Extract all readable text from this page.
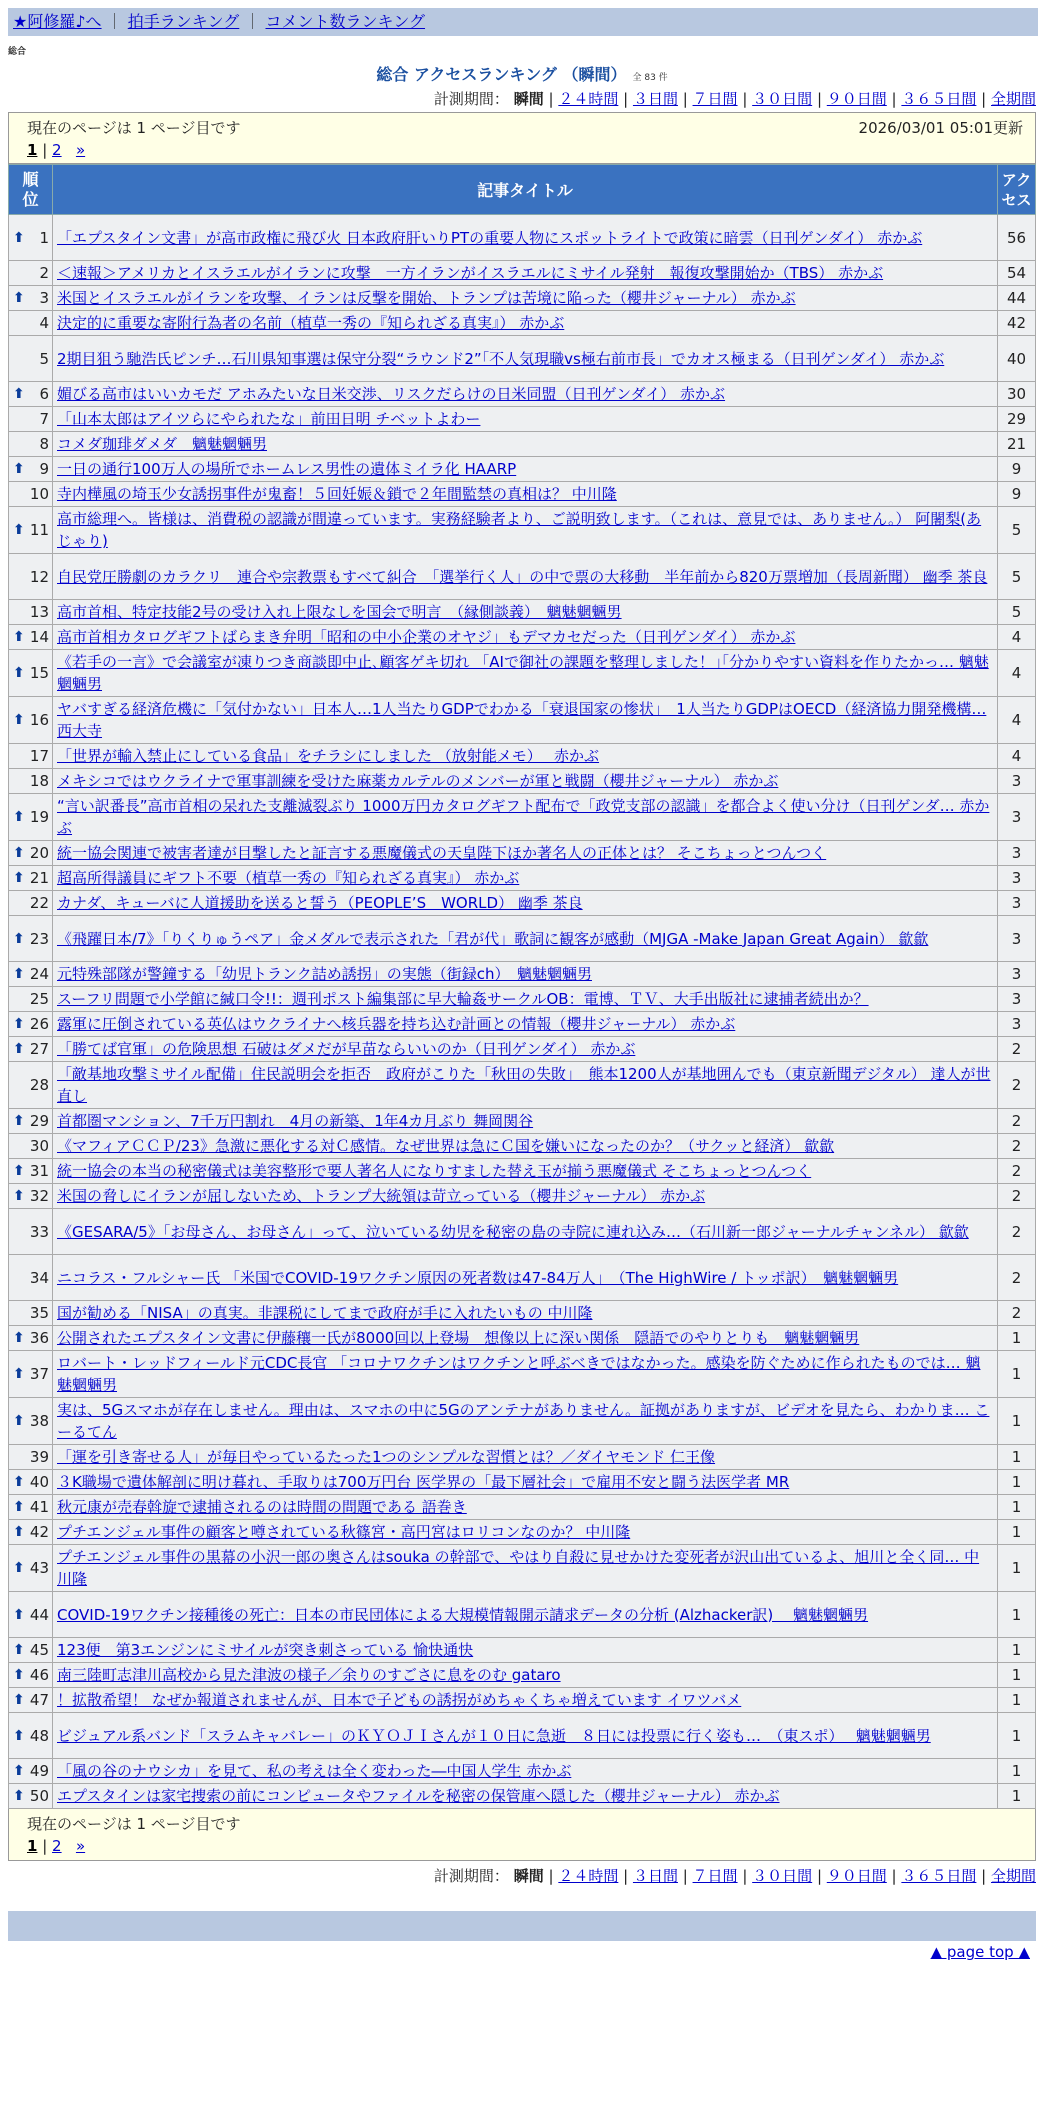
★阿修羅♪へ ｜ 拍手ランキング ｜ コメント数ランキング
総合
総合 アクセスランキング （瞬間） 全 83 件
計測期間： 瞬間 | ２４時間 | ３日間 | ７日間 | ３０日間 | ９０日間 | ３６５日間 | 全期間
現在のページは 1 ページ目です	2026/03/01 05:01更新
1 | 2 »
順位	記事タイトル	アクセス

⬆ 1	「エプスタイン文書」が高市政権に飛び火 日本政府肝いりPTの重要人物にスポットライトで政策に暗雲（日刊ゲンダイ） 赤かぶ	56
2	＜速報＞アメリカとイスラエルがイランに攻撃　一方イランがイスラエルにミサイル発射　報復攻撃開始か（TBS） 赤かぶ	54

⬆ 3	米国とイスラエルがイランを攻撃、イランは反撃を開始、トランプは苦境に陥った（櫻井ジャーナル） 赤かぶ	44
4	決定的に重要な寄附行為者の名前（植草一秀の『知られざる真実』） 赤かぶ	42
5	2期目狙う馳浩氏ピンチ…石川県知事選は保守分裂“ラウンド2”「不人気現職vs極右前市長」でカオス極まる（日刊ゲンダイ） 赤かぶ	40

⬆ 6	媚びる高市はいいカモだ アホみたいな日米交渉、リスクだらけの日米同盟（日刊ゲンダイ） 赤かぶ	30
7	「山本太郎はアイツらにやられたな」前田日明 チベットよわー	29
8	コメダ珈琲ダメダ　魑魅魍魎男	21

⬆ 9	一日の通行100万人の場所でホームレス男性の遺体ミイラ化 HAARP	9
10	寺内樺風の埼玉少女誘拐事件が鬼畜！５回妊娠＆鎖で２年間監禁の真相は？ 中川隆	9

⬆ 11	高市総理へ。皆様は、消費税の認識が間違っています。実務経験者より、ご説明致します。（これは、意見では、ありません。） 阿闍梨(あじゃり)	5
12	自民党圧勝劇のカラクリ　連合や宗教票もすべて糾合　「選挙行く人」の中で票の大移動　半年前から820万票増加（長周新聞） 幽季 茶良	5
13	高市首相、特定技能2号の受け入れ上限なしを国会で明言　（縁側談義）　魑魅魍魎男	5

⬆ 14	高市首相カタログギフトばらまき弁明「昭和の中小企業のオヤジ」もデマカセだった（日刊ゲンダイ） 赤かぶ	4

⬆ 15	《若手の一言》で会議室が凍りつき商談即中止､顧客ゲキ切れ 「AIで御社の課題を整理しました！｣｢分かりやすい資料を作りたかっ… 魑魅魍魎男	4

⬆ 16	ヤバすぎる経済危機に「気付かない」日本人…1人当たりGDPでわかる「衰退国家の惨状」　1人当たりGDPはOECD（経済協力開発機構… 西大寺	4
17	「世界が輸入禁止にしている食品」をチラシにしました （放射能メモ）　 赤かぶ	4
18	メキシコではウクライナで軍事訓練を受けた麻薬カルテルのメンバーが軍と戦闘（櫻井ジャーナル） 赤かぶ	3

⬆ 19	“言い訳番長”高市首相の呆れた支離滅裂ぶり 1000万円カタログギフト配布で「政党支部の認識」を都合よく使い分け（日刊ゲンダ… 赤かぶ	3

⬆ 20	統一協会関連で被害者達が目撃したと証言する悪魔儀式の天皇陛下ほか著名人の正体とは？ そこちょっとつんつく	3

⬆ 21	超高所得議員にギフト不要（植草一秀の『知られざる真実』） 赤かぶ	3
22	カナダ、キューバに人道援助を送ると誓う（PEOPLE’S　WORLD） 幽季 茶良	3

⬆ 23	《飛躍日本/7》「りくりゅうペア」金メダルで表示された「君が代」歌詞に観客が感動（MJGA -Make Japan Great Again） 歙歙	3

⬆ 24	元特殊部隊が警鐘する「幼児トランク詰め誘拐」の実態（街録ch）　魑魅魍魎男	3
25	スーフリ問題で小学館に緘口令!!：週刊ポスト編集部に早大輪姦サークルOB：電博、ＴＶ、大手出版社に逮捕者続出か？	3

⬆ 26	露軍に圧倒されている英仏はウクライナへ核兵器を持ち込む計画との情報（櫻井ジャーナル） 赤かぶ	3

⬆ 27	「勝てば官軍」の危険思想 石破はダメだが早苗ならいいのか（日刊ゲンダイ） 赤かぶ	2
28	「敵基地攻撃ミサイル配備」住民説明会を拒否　政府がこりた「秋田の失敗」　熊本1200人が基地囲んでも（東京新聞デジタル） 達人が世直し	2

⬆ 29	首都圏マンション、7千万円割れ　4月の新築、1年4カ月ぶり 舞岡関谷	2
30	《マフィアＣＣＰ/23》急激に悪化する対Ｃ感情。なぜ世界は急にＣ国を嫌いになったのか？（サクッと経済） 歙歙	2

⬆ 31	統一協会の本当の秘密儀式は美容整形で要人著名人になりすました替え玉が揃う悪魔儀式 そこちょっとつんつく	2

⬆ 32	米国の脅しにイランが屈しないため、トランプ大統領は苛立っている（櫻井ジャーナル） 赤かぶ	2
33	《GESARA/5》「お母さん、お母さん」って、泣いている幼児を秘密の島の寺院に連れ込み…（石川新一郎ジャーナルチャンネル） 歙歙	2
34	ニコラス・フルシャー氏 「米国でCOVID-19ワクチン原因の死者数は47-84万人」　（The HighWire / トッポ訳）　魑魅魍魎男	2
35	国が勧める「NISA」の真実。非課税にしてまで政府が手に入れたいもの 中川隆	2

⬆ 36	公開されたエプスタイン文書に伊藤穰一氏が8000回以上登場　想像以上に深い関係　隠語でのやりとりも　魑魅魍魎男	1

⬆ 37	ロバート・レッドフィールド元CDC長官 「コロナワクチンはワクチンと呼ぶべきではなかった。感染を防ぐために作られたものでは… 魑魅魍魎男	1

⬆ 38	実は、5Gスマホが存在しません。理由は、スマホの中に5Gのアンテナがありません。証拠がありますが、ビデオを見たら、わかりま… こーるてん	1
39	「運を引き寄せる人」が毎日やっているたった1つのシンプルな習慣とは？／ダイヤモンド 仁王像	1

⬆ 40	３K職場で遺体解剖に明け暮れ、手取りは700万円台 医学界の「最下層社会」で雇用不安と闘う法医学者 MR	1

⬆ 41	秋元康が売春斡旋で逮捕されるのは時間の問題である 語巻き	1

⬆ 42	プチエンジェル事件の顧客と噂されている秋篠宮・高円宮はロリコンなのか？ 中川隆	1

⬆ 43	プチエンジェル事件の黒幕の小沢一郎の奥さんはsouka の幹部で、やはり自殺に見せかけた変死者が沢山出ているよ、旭川と全く同… 中川隆	1

⬆ 44	COVID-19ワクチン接種後の死亡：日本の市民団体による大規模情報開示請求データの分析 (Alzhacker訳)　 魑魅魍魎男	1

⬆ 45	123便　第3エンジンにミサイルが突き刺さっている 愉快通快	1

⬆ 46	南三陸町志津川高校から見た津波の様子／余りのすごさに息をのむ gataro	1

⬆ 47	！拡散希望！ なぜか報道されませんが、日本で子どもの誘拐がめちゃくちゃ増えています イワツバメ	1

⬆ 48	ビジュアル系バンド「スラムキャバレー」のＫＹＯＪＩさんが１０日に急逝　８日には投票に行く姿も…　（東スポ）　 魑魅魍魎男	1

⬆ 49	「風の谷のナウシカ」を見て、私の考えは全く変わった―中国人学生 赤かぶ	1

⬆ 50	エプスタインは家宅捜索の前にコンピュータやファイルを秘密の保管庫へ隠した（櫻井ジャーナル） 赤かぶ	1
現在のページは 1 ページ目です
1 | 2 »
計測期間： 瞬間 | ２４時間 | ３日間 | ７日間 | ３０日間 | ９０日間 | ３６５日間 | 全期間
▲ page top ▲
